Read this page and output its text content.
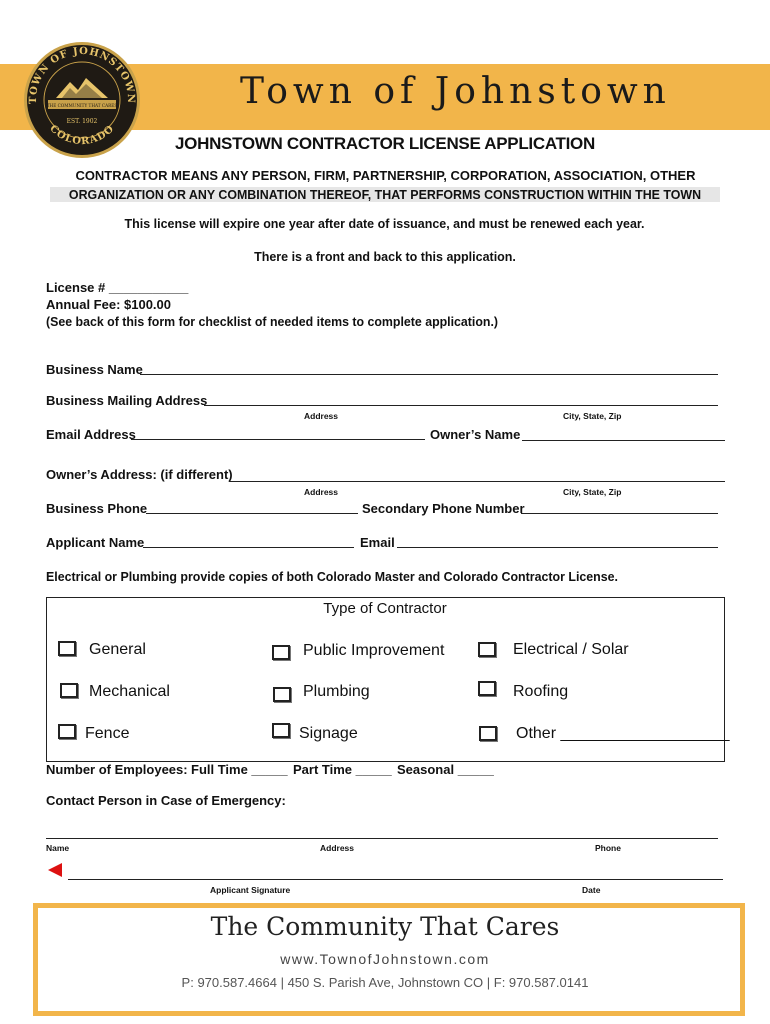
Town of Johnstown
TOWN OF JOHNSTOWN
COLORADO
THE COMMUNITY THAT CARES
EST. 1902
JOHNSTOWN CONTRACTOR LICENSE APPLICATION
CONTRACTOR MEANS ANY PERSON, FIRM, PARTNERSHIP, CORPORATION, ASSOCIATION, OTHER
ORGANIZATION OR ANY COMBINATION THEREOF, THAT PERFORMS CONSTRUCTION WITHIN THE TOWN
This license will expire one year after date of issuance, and must be renewed each year.
There is a front and back to this application.
License # ___________
Annual Fee: $100.00
(See back of this form for checklist of needed items to complete application.)
Business Name
Business Mailing Address
Address	City, State, Zip
Email Address	Owner’s Name
Owner’s Address: (if different)
Address	City, State, Zip
Business Phone	Secondary Phone Number
Applicant Name	Email
Electrical or Plumbing provide copies of both Colorado Master and Colorado Contractor License.
Type of Contractor
General	Public Improvement	Electrical / Solar
Mechanical	Plumbing	Roofing
Fence	Signage	Other ___________________
Number of Employees: Full Time _____ Part Time _____ Seasonal _____
Contact Person in Case of Emergency:
Name	Address	Phone
Applicant Signature	Date
The Community That Cares
www.TownofJohnstown.com
P: 970.587.4664 | 450 S. Parish Ave, Johnstown CO | F: 970.587.0141
